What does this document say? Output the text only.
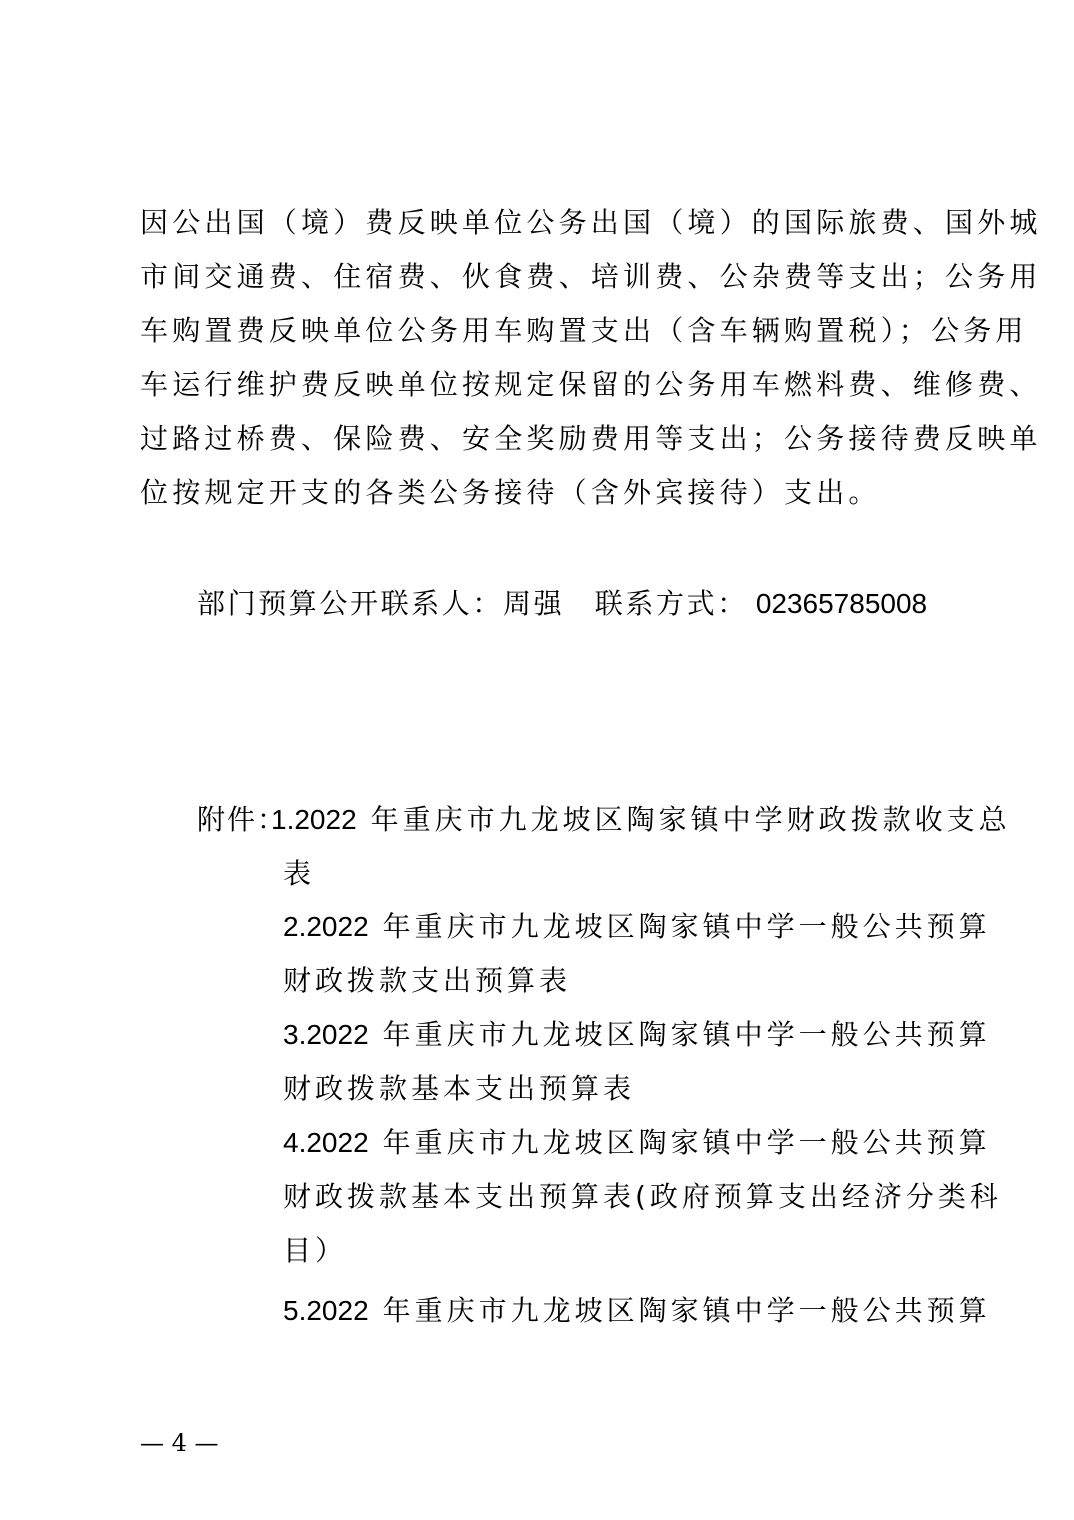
因公出国（境）费反映单位公务出国（境）的国际旅费、国外城
市间交通费、住宿费、伙食费、培训费、公杂费等支出；公务用
车购置费反映单位公务用车购置支出（含车辆购置税）；公务用
车运行维护费反映单位按规定保留的公务用车燃料费、维修费、
过路过桥费、保险费、安全奖励费用等支出；公务接待费反映单
位按规定开支的各类公务接待（含外宾接待）支出。
部门预算公开联系人：周强　联系方式： 02365785008
附件：
1.2022 年重庆市九龙坡区陶家镇中学财政拨款收支总
表
2.2022 年重庆市九龙坡区陶家镇中学一般公共预算
财政拨款支出预算表
3.2022 年重庆市九龙坡区陶家镇中学一般公共预算
财政拨款基本支出预算表
4.2022 年重庆市九龙坡区陶家镇中学一般公共预算
财政拨款基本支出预算表(政府预算支出经济分类科
目）
5.2022 年重庆市九龙坡区陶家镇中学一般公共预算
— 4 —
